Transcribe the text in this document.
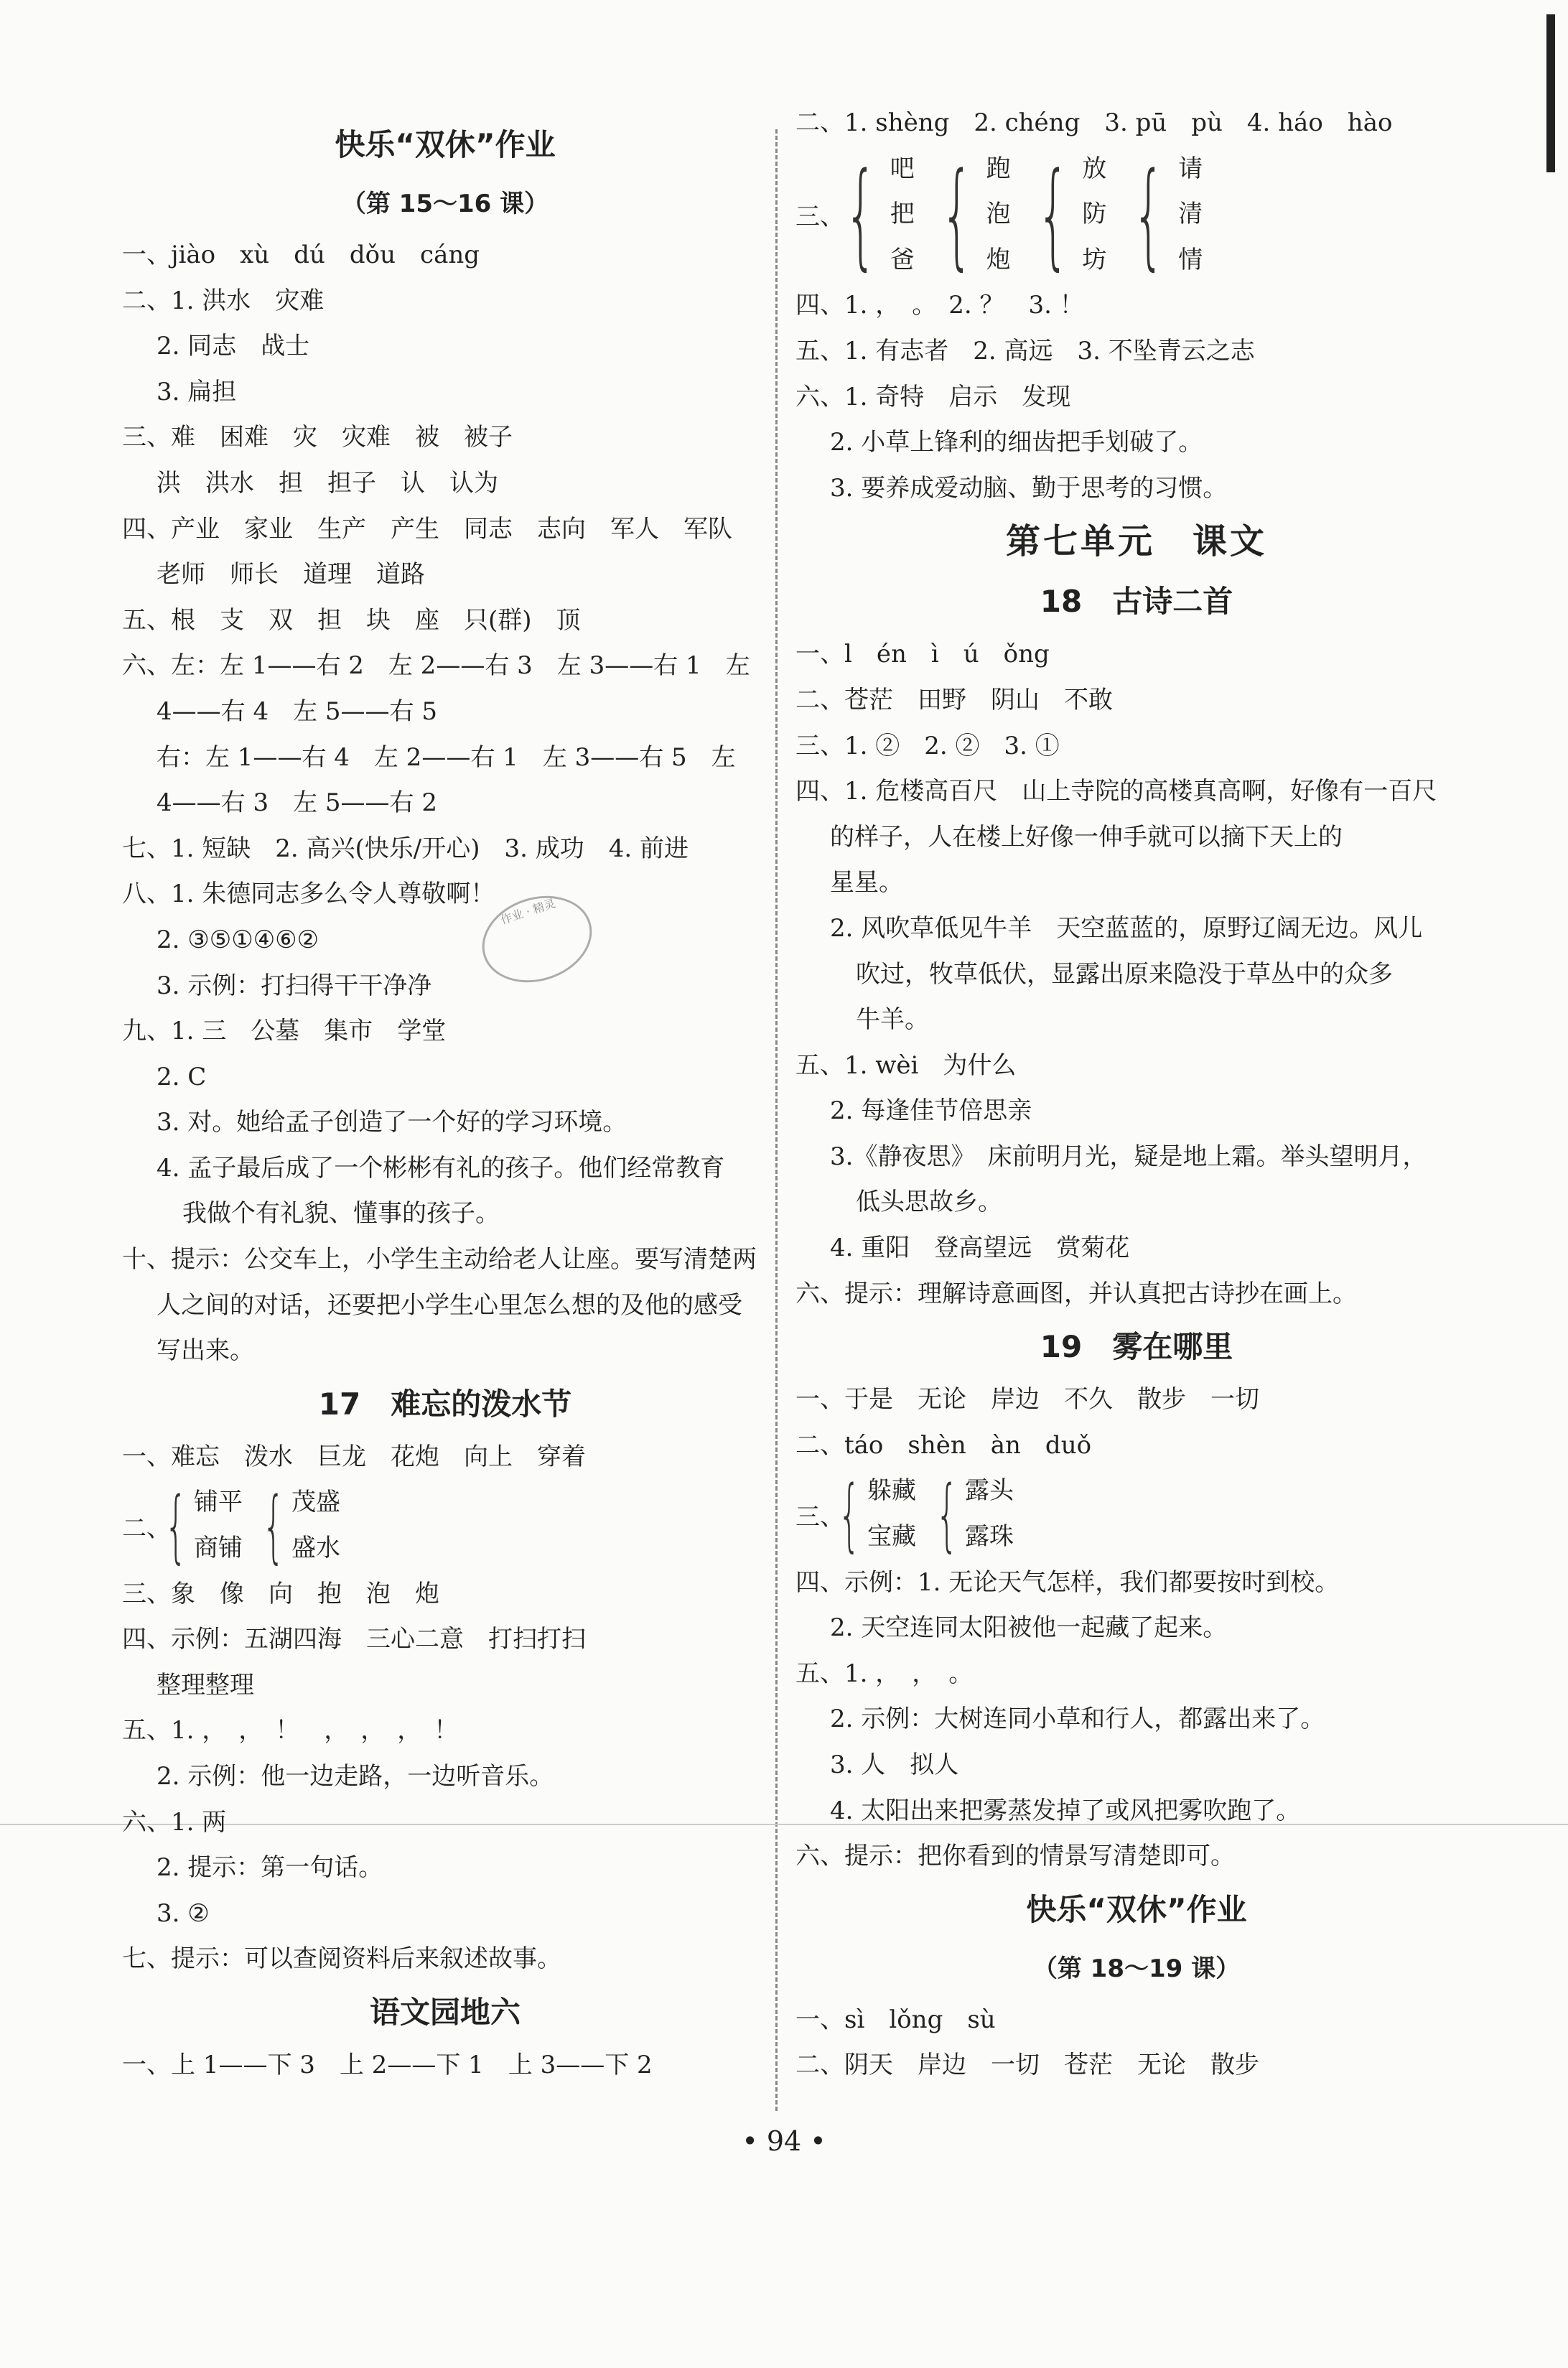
快乐“双休”作业
（第 15～16 课）
一、jiào　xù　dú　dǒu　cáng
二、1. 洪水　灾难
2. 同志　战士
3. 扁担
三、难　困难　灾　灾难　被　被子
洪　洪水　担　担子　认　认为
四、产业　家业　生产　产生　同志　志向　军人　军队
老师　师长　道理　道路
五、根　支　双　担　块　座　只(群)　顶
六、左：左 1——右 2　左 2——右 3　左 3——右 1　左
4——右 4　左 5——右 5
右：左 1——右 4　左 2——右 1　左 3——右 5　左
4——右 3　左 5——右 2
七、1. 短缺　2. 高兴(快乐/开心)　3. 成功　4. 前进
八、1. 朱德同志多么令人尊敬啊！
2. ③⑤①④⑥②
3. 示例：打扫得干干净净
九、1. 三　公墓　集市　学堂
2. C
3. 对。她给孟子创造了一个好的学习环境。
4. 孟子最后成了一个彬彬有礼的孩子。他们经常教育
我做个有礼貌、懂事的孩子。
十、提示：公交车上，小学生主动给老人让座。要写清楚两
人之间的对话，还要把小学生心里怎么想的及他的感受
写出来。
17　难忘的泼水节
一、难忘　泼水　巨龙　花炮　向上　穿着
二、
{ 铺平
商铺 { 茂盛
盛水
三、象　像　向　抱　泡　炮
四、示例：五湖四海　三心二意　打扫打扫
整理整理
五、1. ，　，　！　，　，　，　！
2. 示例：他一边走路，一边听音乐。
六、1. 两
2. 提示：第一句话。
3. ②
七、提示：可以查阅资料后来叙述故事。
语文园地六
一、上 1——下 3　上 2——下 1　上 3——下 2
作业 · 精灵
二、1. shèng　2. chéng　3. pū　pù　4. háo　hào
三、 { 吧
把
爸 { 跑
泡
炮 { 放
防
坊 { 请
清
情
四、1. ，　。　2. ？　3. ！
五、1. 有志者　2. 高远　3. 不坠青云之志
六、1. 奇特　启示　发现
2. 小草上锋利的细齿把手划破了。
3. 要养成爱动脑、勤于思考的习惯。
第七单元　课文
18　古诗二首
一、l　én　ì　ú　ǒng
二、苍茫　田野　阴山　不敢
三、1. ②　2. ②　3. ①
四、1. 危楼高百尺　山上寺院的高楼真高啊，好像有一百尺
的样子，人在楼上好像一伸手就可以摘下天上的
星星。
2. 风吹草低见牛羊　天空蓝蓝的，原野辽阔无边。风儿
吹过，牧草低伏，显露出原来隐没于草丛中的众多
牛羊。
五、1. wèi　为什么
2. 每逢佳节倍思亲
3.《静夜思》　床前明月光，疑是地上霜。举头望明月，
低头思故乡。
4. 重阳　登高望远　赏菊花
六、提示：理解诗意画图，并认真把古诗抄在画上。
19　雾在哪里
一、于是　无论　岸边　不久　散步　一切
二、táo　shèn　àn　duǒ
三、
{ 躲藏
宝藏 { 露头
露珠
四、示例：1. 无论天气怎样，我们都要按时到校。
2. 天空连同太阳被他一起藏了起来。
五、1. ，　，　。
2. 示例：大树连同小草和行人，都露出来了。
3. 人　拟人
4. 太阳出来把雾蒸发掉了或风把雾吹跑了。
六、提示：把你看到的情景写清楚即可。
快乐“双休”作业
（第 18～19 课）
一、sì　lǒng　sù
二、阴天　岸边　一切　苍茫　无论　散步
• 94 •
